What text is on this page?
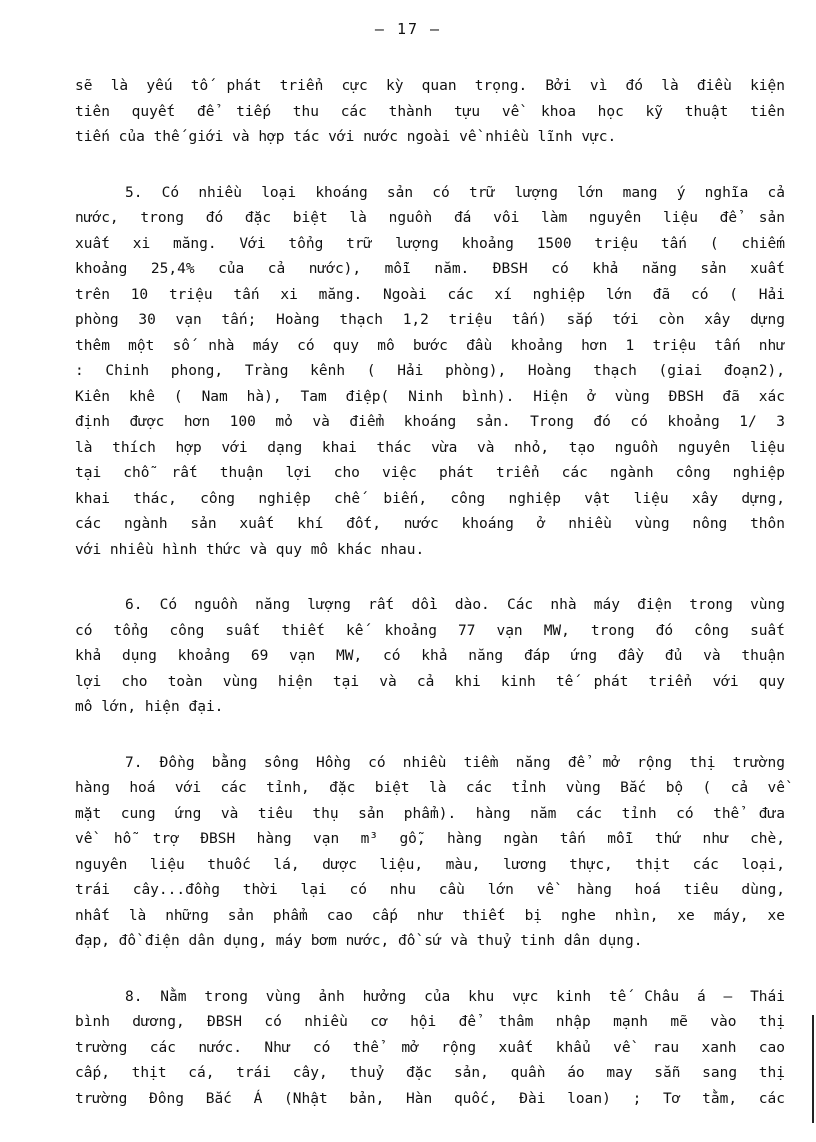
– 17 –
sẽ là yếu tố phát triển cực kỳ quan trọng. Bởi vì đó là điều kiện
tiên quyết để tiếp thu các thành tựu về khoa học kỹ thuật tiên
tiến của thế giới và hợp tác với nước ngoài về nhiều lĩnh vực.
5. Có nhiều loại khoáng sản có trữ lượng lớn mang ý nghĩa cả
nước, trong đó đặc biệt là nguồn đá vôi làm nguyên liệu để sản
xuất xi măng. Với tổng trữ lượng khoảng 1500 triệu tấn ( chiếm
khoảng 25,4% của cả nước), mỗi năm. ĐBSH có khả năng sản xuất
trên 10 triệu tấn xi măng. Ngoài các xí nghiệp lớn đã có ( Hải
phòng 30 vạn tấn; Hoàng thạch 1,2 triệu tấn) sắp tới còn xây dựng
thêm một số nhà máy có quy mô bước đầu khoảng hơn 1 triệu tấn như
: Chinh phong, Tràng kênh ( Hải phòng), Hoàng thạch (giai đoạn2),
Kiên khê ( Nam hà), Tam điệp( Ninh bình). Hiện ở vùng ĐBSH đã xác
định được hơn 100 mỏ và điểm khoáng sản. Trong đó có khoảng 1/ 3
là thích hợp với dạng khai thác vừa và nhỏ, tạo nguồn nguyên liệu
tại chỗ rất thuận lợi cho việc phát triển các ngành công nghiệp
khai thác, công nghiệp chế biến, công nghiệp vật liệu xây dựng,
các ngành sản xuất khí đốt, nước khoáng ở nhiều vùng nông thôn
với nhiều hình thức và quy mô khác nhau.
6. Có nguồn năng lượng rất dồi dào. Các nhà máy điện trong vùng
có tổng công suất thiết kế khoảng 77 vạn MW, trong đó công suất
khả dụng khoảng 69 vạn MW, có khả năng đáp ứng đầy đủ và thuận
lợi cho toàn vùng hiện tại và cả khi kinh tế phát triển với quy
mô lớn, hiện đại.
7. Đồng bằng sông Hồng có nhiều tiềm năng để mở rộng thị trường
hàng hoá với các tỉnh, đặc biệt là các tỉnh vùng Bắc bộ ( cả về
mặt cung ứng và tiêu thụ sản phẩm). hàng năm các tỉnh có thể đưa
về hỗ trợ ĐBSH hàng vạn m³ gỗ, hàng ngàn tấn mỗi thứ như chè,
nguyên liệu thuốc lá, dược liệu, màu, lương thực, thịt các loại,
trái cây...đồng thời lại có nhu cầu lớn về hàng hoá tiêu dùng,
nhất là những sản phẩm cao cấp như thiết bị nghe nhìn, xe máy, xe
đạp, đồ điện dân dụng, máy bơm nước, đồ sứ và thuỷ tinh dân dụng.
8. Nằm trong vùng ảnh hưởng của khu vực kinh tế Châu á – Thái
bình dương, ĐBSH có nhiều cơ hội để thâm nhập mạnh mẽ vào thị
trường các nước. Như có thể mở rộng xuất khẩu về rau xanh cao
cấp, thịt cá, trái cây, thuỷ đặc sản, quần áo may sẵn sang thị
trường Đông Bắc Á (Nhật bản, Hàn quốc, Đài loan) ; Tơ tằm, các
